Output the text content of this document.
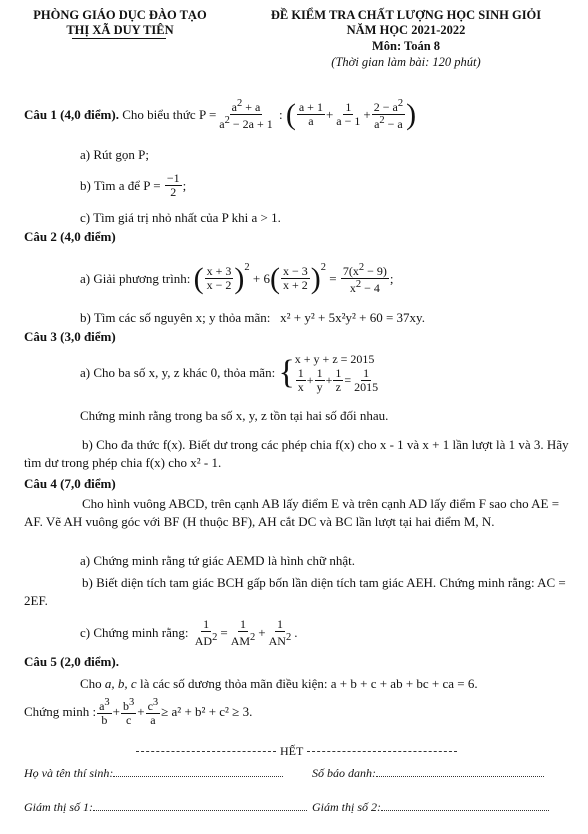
PHÒNG GIÁO DỤC ĐÀO TẠO
THỊ XÃ DUY TIÊN
ĐỀ KIỂM TRA CHẤT LƯỢNG HỌC SINH GIỎI
NĂM HỌC 2021-2022
Môn: Toán 8
(Thời gian làm bài: 120 phút)
Câu 1 (4,0 điểm).
Cho biểu thức $P = \frac{a^2 + a}{a^2 - 2a + 1}$ : ( $\frac{a + 1}{a} + \frac{1}{a - 1} + \frac{2 - a^2}{a^2 - a}$ )
a) Rút gọn P;
b) Tìm a để P =
$\frac{-1}{2}$ ;
c) Tìm giá trị nhỏ nhất của P khi a > 1.
Câu 2 (4,0 điểm)
a) Giải phương trình:
( $\frac{x + 3}{x - 2} )^2$
+ 6 ( $\frac{x - 3}{x + 2} )^2$
= $\frac{7(x^2 - 9)}{x^2 - 4}$ ;
b) Tìm các số nguyên x; y thỏa mãn: x² + y² + 5x²y² + 60 = 37xy.
Câu 3 (3,0 điểm)
a) Cho ba số x, y, z khác 0, thỏa mãn:
{ x + y + z = 2015
$\frac{1}{x} + \frac{1}{y} + \frac{1}{z} = \frac{1}{2015}$
Chứng minh rằng trong ba số x, y, z tồn tại hai số đối nhau.
b) Cho đa thức f(x). Biết dư trong các phép chia f(x) cho x - 1 và x + 1 lần lượt là 1 và 3. Hãy tìm dư trong phép chia f(x) cho x² - 1.
Câu 4 (7,0 điểm)
Cho hình vuông ABCD, trên cạnh AB lấy điểm E và trên cạnh AD lấy điểm F sao cho AE = AF. Vẽ AH vuông góc với BF (H thuộc BF), AH cắt DC và BC lần lượt tại hai điểm M, N.
a) Chứng minh rằng tứ giác AEMD là hình chữ nhật.
b) Biết diện tích tam giác BCH gấp bốn lần diện tích tam giác AEH. Chứng minh rằng: AC = 2EF.
c) Chứng minh rằng:
$\frac{1}{AD^2} = \frac{1}{AM^2} + \frac{1}{AN^2}$ .
Câu 5 (2,0 điểm).
Cho a, b, c là các số dương thỏa mãn điều kiện: a + b + c + ab + bc + ca = 6.
Chứng minh : $\frac{a^3}{b} + \frac{b^3}{c} + \frac{c^3}{a} \ge a^2 + b^2 + c^2 \ge 3$.
HẾT
Họ và tên thí sinh:	Số báo danh:
Giám thị số 1:	Giám thị số 2:
